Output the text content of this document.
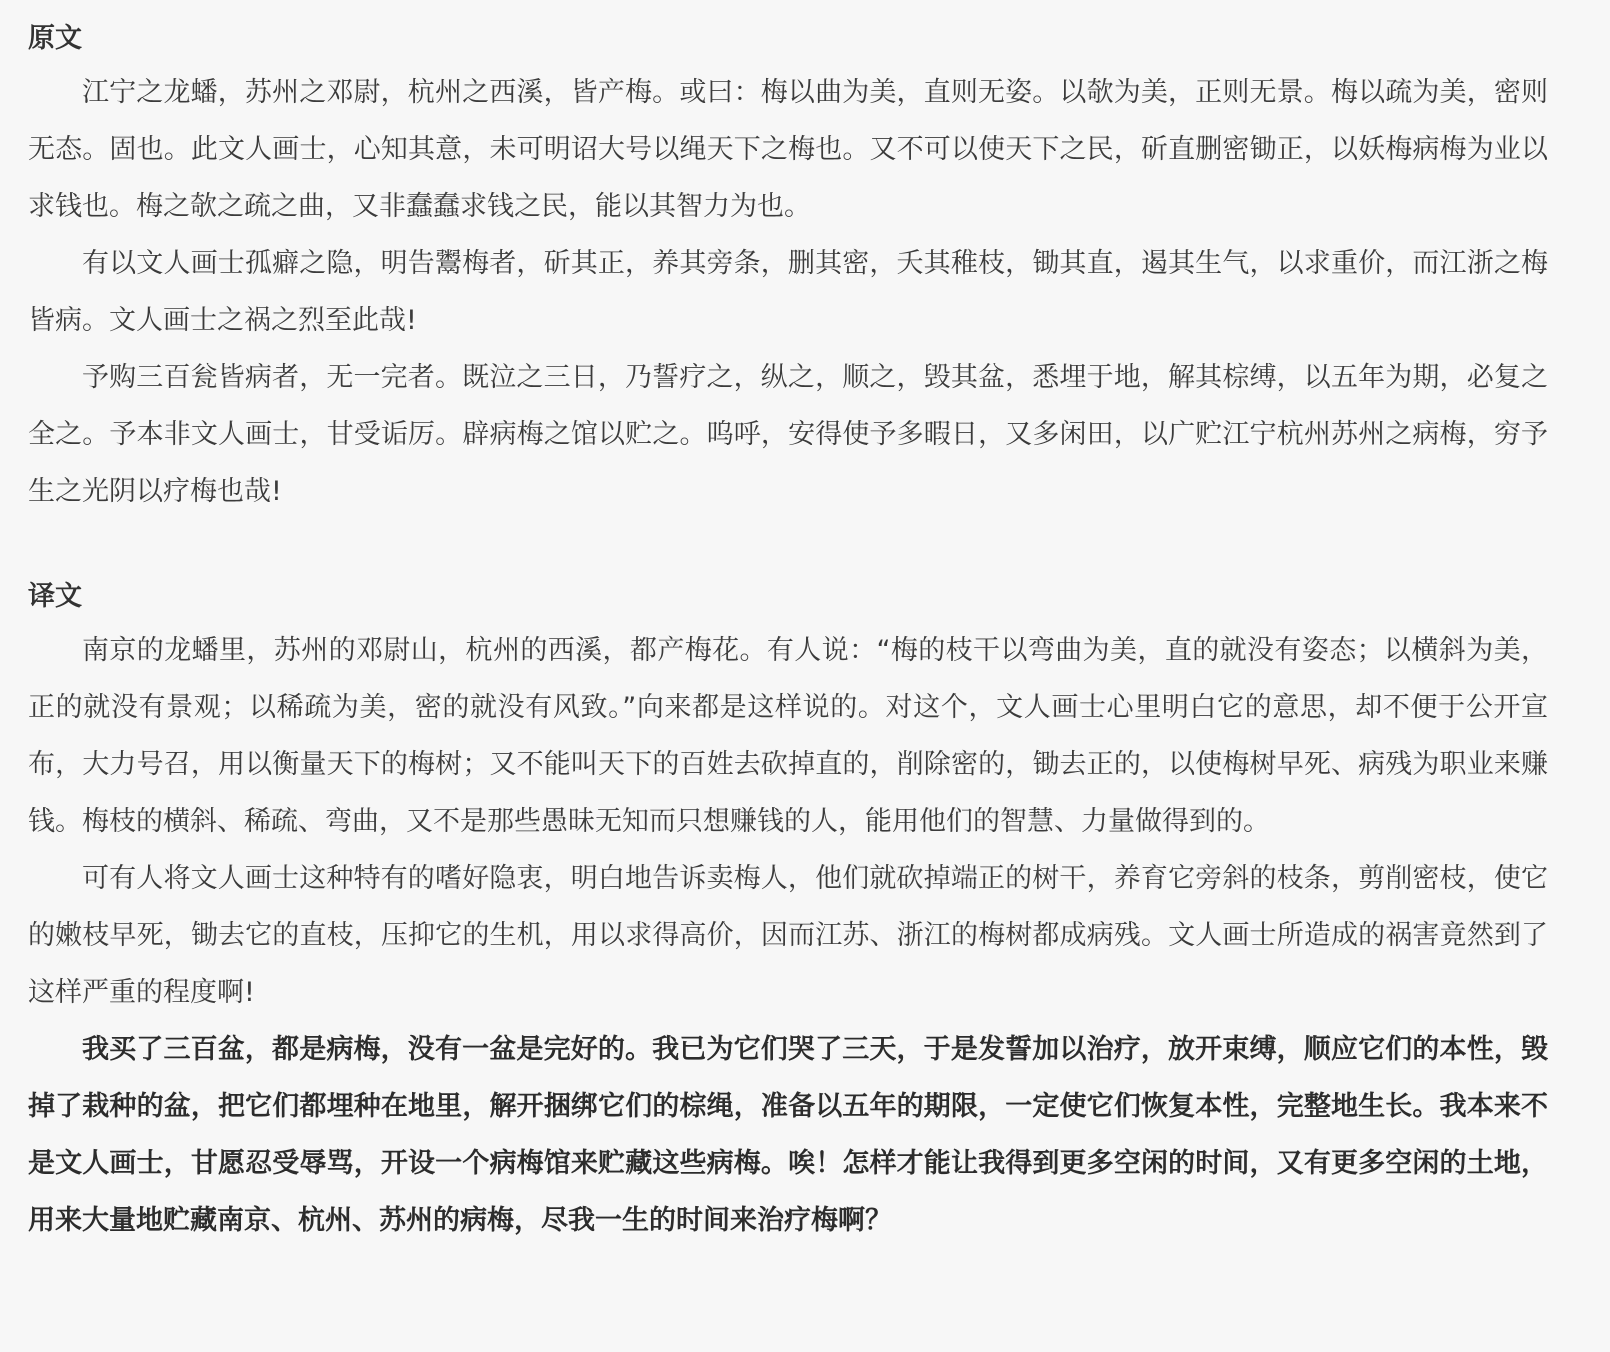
原文

江宁之龙蟠，苏州之邓尉，杭州之西溪，皆产梅。或曰：梅以曲为美，直则无姿。以欹为美，正则无景。梅以疏为美，密则无态。固也。此文人画士，心知其意，未可明诏大号以绳天下之梅也。又不可以使天下之民，斫直删密锄正，以妖梅病梅为业以求钱也。梅之欹之疏之曲，又非蠢蠢求钱之民，能以其智力为也。

有以文人画士孤癖之隐，明告鬻梅者，斫其正，养其旁条，删其密，夭其稚枝，锄其直，遏其生气，以求重价，而江浙之梅皆病。文人画士之祸之烈至此哉!

予购三百瓮皆病者，无一完者。既泣之三日，乃誓疗之，纵之，顺之，毁其盆，悉埋于地，解其棕缚，以五年为期，必复之全之。予本非文人画士，甘受诟厉。辟病梅之馆以贮之。呜呼，安得使予多暇日，又多闲田，以广贮江宁杭州苏州之病梅，穷予生之光阴以疗梅也哉!

译文

南京的龙蟠里，苏州的邓尉山，杭州的西溪，都产梅花。有人说：“梅的枝干以弯曲为美，直的就没有姿态；以横斜为美，正的就没有景观；以稀疏为美，密的就没有风致。”向来都是这样说的。对这个，文人画士心里明白它的意思，却不便于公开宣布，大力号召，用以衡量天下的梅树；又不能叫天下的百姓去砍掉直的，削除密的，锄去正的，以使梅树早死、病残为职业来赚钱。梅枝的横斜、稀疏、弯曲，又不是那些愚昧无知而只想赚钱的人，能用他们的智慧、力量做得到的。

可有人将文人画士这种特有的嗜好隐衷，明白地告诉卖梅人，他们就砍掉端正的树干，养育它旁斜的枝条，剪削密枝，使它的嫩枝早死，锄去它的直枝，压抑它的生机，用以求得高价，因而江苏、浙江的梅树都成病残。文人画士所造成的祸害竟然到了这样严重的程度啊!

我买了三百盆，都是病梅，没有一盆是完好的。我已为它们哭了三天，于是发誓加以治疗，放开束缚，顺应它们的本性，毁掉了栽种的盆，把它们都埋种在地里，解开捆绑它们的棕绳，准备以五年的期限，一定使它们恢复本性，完整地生长。我本来不是文人画士，甘愿忍受辱骂，开设一个病梅馆来贮藏这些病梅。唉！怎样才能让我得到更多空闲的时间，又有更多空闲的土地，用来大量地贮藏南京、杭州、苏州的病梅，尽我一生的时间来治疗梅啊？
